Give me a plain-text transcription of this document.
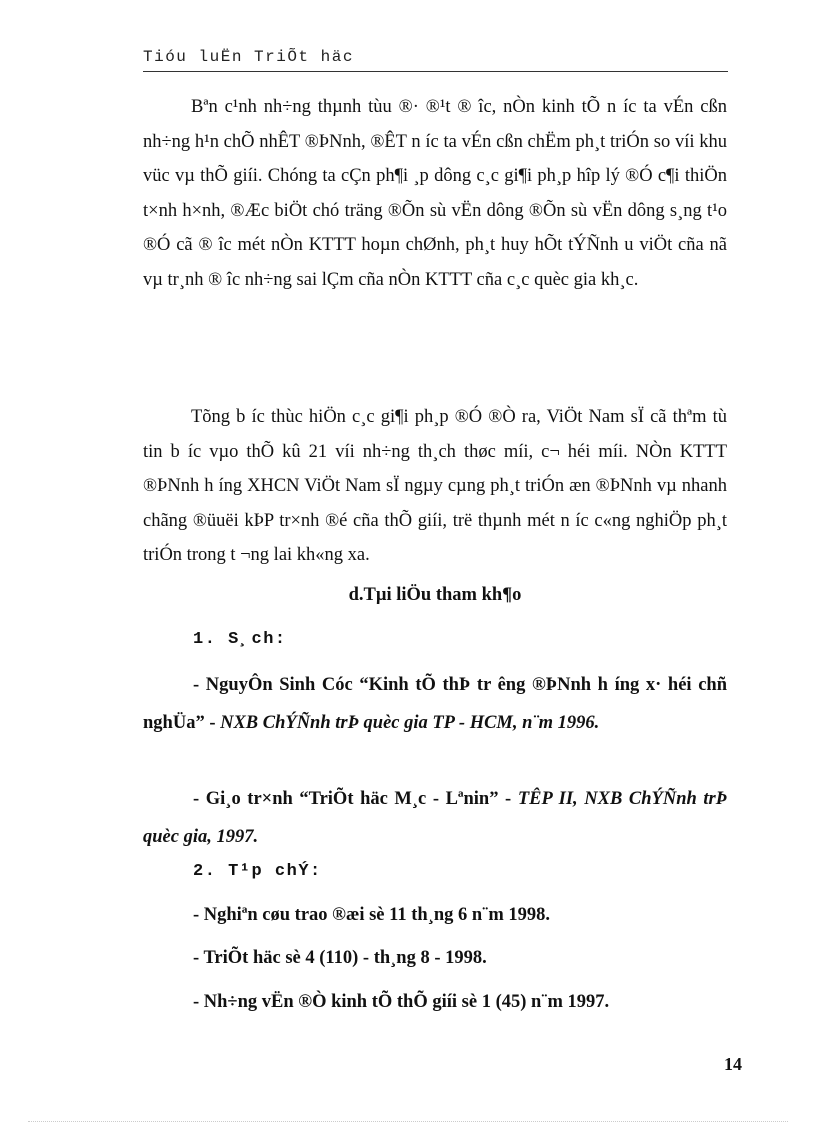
Tióu luËn TriÕt häc

Bªn c¹nh nh÷ng thµnh tùu ®· ®¹t ® îc, nÒn kinh tÕ n íc ta vÉn cßn nh÷ng h¹n chÕ nhÊT ®ÞNnh, ®ÊT n íc ta vÉn cßn chËm ph¸t triÓn so víi khu vüc vµ thÕ giíi. Chóng ta cÇn ph¶i ¸p dông c¸c gi¶i ph¸p hîp lý ®Ó c¶i thiÖn t×nh h×nh, ®Æc biÖt chó träng ®Õn sù vËn dông ®Õn sù vËn dông s¸ng t¹o ®Ó cã ® îc mét nÒn KTTT hoµn chØnh, ph¸t huy hÕt tÝÑnh u viÖt cña nã vµ tr¸nh ® îc nh÷ng sai lÇm cña nÒn KTTT cña c¸c quèc gia kh¸c.

Tõng b íc thùc hiÖn c¸c gi¶i ph¸p ®Ó ®Ò ra, ViÖt Nam sÏ cã thªm tù tin b íc vµo thÕ kû 21 víi nh÷ng th¸ch thøc míi, c¬ héi míi. NÒn KTTT ®ÞNnh h íng XHCN ViÖt Nam sÏ ngµy cµng ph¸t triÓn æn ®ÞNnh vµ nhanh chãng ®üuëi kÞP tr×nh ®é cña thÕ giíi, trë thµnh mét n íc c«ng nghiÖp ph¸t triÓn trong t ¬ng lai kh«ng xa.

d.Tµi liÖu tham kh¶o
1. S¸ch:

- NguyÔn Sinh Cóc “Kinh tÕ thÞ tr êng ®ÞNnh h íng x· héi chñ nghÜa” - NXB ChÝÑnh trÞ quèc gia TP - HCM, n¨m 1996.

- Gi¸o tr×nh “TriÕt häc M¸c - Lªnin” - TÊP II, NXB ChÝÑnh trÞ quèc gia, 1997.

2. T¹p chÝ:
- Nghiªn cøu trao ®æi sè 11 th¸ng 6 n¨m 1998.
- TriÕt häc sè 4 (110) - th¸ng 8 - 1998.
- Nh÷ng vËn ®Ò kinh tÕ thÕ giíi sè 1 (45) n¨m 1997.
14
